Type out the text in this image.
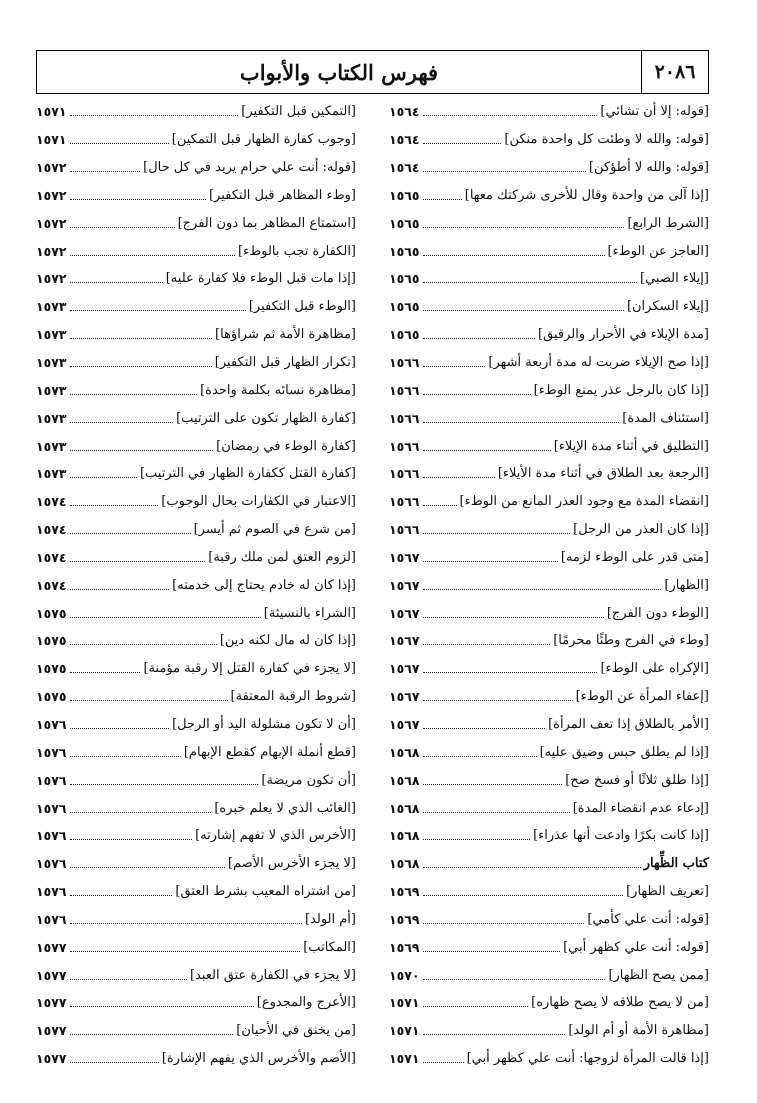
٢٠٨٦
فهرس الكتاب والأبواب
[قوله: إلا أن تشائي]
١٥٦٤
[قوله: والله لا وطئت كل واحدة منكن]
١٥٦٤
[قوله: والله لا أطؤكن]
١٥٦٤
[إذا آلى من واحدة وقال للأخرى شركتك معها]
١٥٦٥
[الشرط الرابع]
١٥٦٥
[العاجز عن الوطء]
١٥٦٥
[إيلاء الصبي]
١٥٦٥
[إيلاء السكران]
١٥٦٥
[مدة الإيلاء في الأحرار والرقيق]
١٥٦٥
[إذا صح الإيلاء ضربت له مدة أربعة أشهر]
١٥٦٦
[إذا كان بالرجل عذر يمنع الوطء]
١٥٦٦
[استئناف المدة]
١٥٦٦
[التطليق في أثناء مدة الإيلاء]
١٥٦٦
[الرجعة بعد الطلاق في أثناء مدة الأيلاء]
١٥٦٦
[انقضاء المدة مع وجود العذر المانع من الوطء]
١٥٦٦
[إذا كان العذر من الرجل]
١٥٦٦
[متى قدر على الوطء لزمه]
١٥٦٧
[الظهار]
١٥٦٧
[الوطء دون الفرج]
١٥٦٧
[وطء في الفرج وطئًا محرمًا]
١٥٦٧
[الإكراه على الوطء]
١٥٦٧
[إعفاء المرأة عن الوطء]
١٥٦٧
[الأمر بالطلاق إذا تعف المرأة]
١٥٦٧
[إذا لم يطلق حبس وضيق عليه]
١٥٦٨
[إذا طلق ثلاثًا أو فسخ صح]
١٥٦٨
[إدعاء عدم انقضاء المدة]
١٥٦٨
[إذا كانت بكرًا وادعت أنها عذراء]
١٥٦٨
كتاب الظِّهار
١٥٦٨
[تعريف الظهار]
١٥٦٩
[قوله: أنت علي كأمي]
١٥٦٩
[قوله: أنت علي كظهر أبي]
١٥٦٩
[ممن يصح الظهار]
١٥٧٠
[من لا يصح طلاقه لا يصح ظهاره]
١٥٧١
[مظاهرة الأمة أو أم الولد]
١٥٧١
[إذا قالت المرأة لزوجها: أنت علي كظهر أبي]
١٥٧١
[التمكين قبل التكفير]
١٥٧١
[وجوب كفارة الظهار قبل التمكين]
١٥٧١
[قوله: أنت علي حرام يريد في كل حال]
١٥٧٢
[وطء المظاهر قبل التكفير]
١٥٧٢
[استمتاع المظاهر بما دون الفرج]
١٥٧٢
[الكفارة تجب بالوطء]
١٥٧٢
[إذا مات قبل الوطء فلا كفارة عليه]
١٥٧٢
[الوطء قبل التكفير]
١٥٧٣
[مظاهرة الأمة ثم شراؤها]
١٥٧٣
[تكرار الظهار قبل التكفير]
١٥٧٣
[مظاهرة نسائه بكلمة واحدة]
١٥٧٣
[كفارة الظهار تكون على الترتيب]
١٥٧٣
[كفارة الوطء في رمضان]
١٥٧٣
[كفارة القتل ككفارة الظهار في الترتيب]
١٥٧٣
[الاعتبار في الكفارات بحال الوجوب]
١٥٧٤
[من شرع في الصوم ثم أيسر]
١٥٧٤
[لزوم العتق لمن ملك رقبة]
١٥٧٤
[إذا كان له خادم يحتاج إلى خدمته]
١٥٧٤
[الشراء بالنسيئة]
١٥٧٥
[إذا كان له مال لكنه دين]
١٥٧٥
[لا يجزء في كفارة القتل إلا رقبة مؤمنة]
١٥٧٥
[شروط الرقبة المعتقة]
١٥٧٥
[أن لا تكون مشلولة اليد أو الرجل]
١٥٧٦
[قطع أنملة الإبهام كقطع الإبهام]
١٥٧٦
[أن تكون مريضة]
١٥٧٦
[الغائب الذي لا يعلم خبره]
١٥٧٦
[الأخرس الذي لا تفهم إشارته]
١٥٧٦
[لا يجزء الأخرس الأصم]
١٥٧٦
[من اشتراه المعيب بشرط العتق]
١٥٧٦
[أم الولد]
١٥٧٦
[المكاتب]
١٥٧٧
[لا يجزء في الكفارة عتق العبد]
١٥٧٧
[الأعرج والمجدوع]
١٥٧٧
[من يخنق في الأحيان]
١٥٧٧
[الأصم والأخرس الذي يفهم الإشارة]
١٥٧٧
